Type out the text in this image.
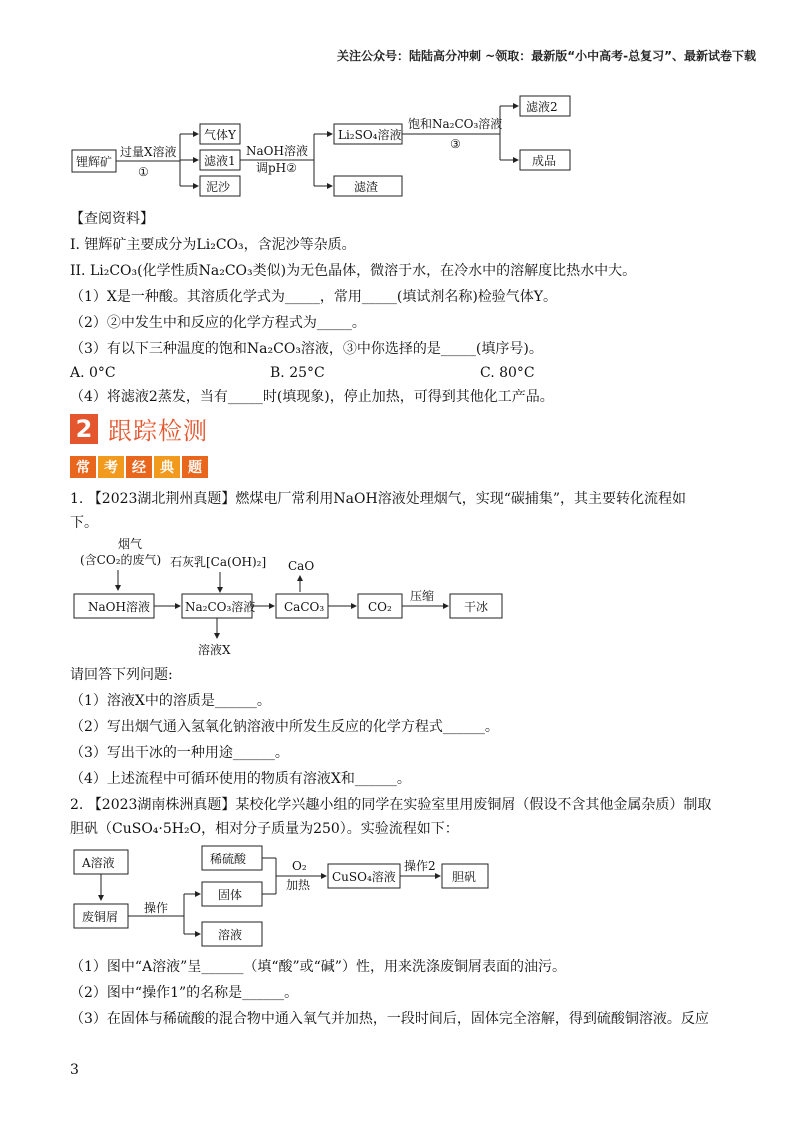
关注公众号：陆陆高分冲刺 ~领取：最新版“小中高考-总复习”、最新试卷下载
锂辉矿
过量X溶液
①
气体Y
滤液1
泥沙
NaOH溶液
调pH②
Li₂SO₄溶液
滤渣
饱和Na₂CO₃溶液
③
滤液2
成品
【查阅资料】
I. 锂辉矿主要成分为Li₂CO₃，含泥沙等杂质。
II. Li₂CO₃(化学性质Na₂CO₃类似)为无色晶体，微溶于水，在冷水中的溶解度比热水中大。
（1）X是一种酸。其溶质化学式为_____，常用_____(填试剂名称)检验气体Y。
（2）②中发生中和反应的化学方程式为_____。
（3）有以下三种温度的饱和Na₂CO₃溶液，③中你选择的是_____(填序号)。
A. 0°C	B. 25°C	C. 80°C
（4）将滤液2蒸发，当有_____时(填现象)，停止加热，可得到其他化工产品。
2 跟踪检测
常	考	经	典	题
1. 【2023湖北荆州真题】燃煤电厂常利用NaOH溶液处理烟气，实现“碳捕集”，其主要转化流程如
下。
烟气
(含CO₂的废气) 石灰乳[Ca(OH)₂] CaO
NaOH溶液	Na₂CO₃溶液 CaCO₃	CO₂
压缩
干冰
溶液X
请回答下列问题:
（1）溶液X中的溶质是______。
（2）写出烟气通入氢氧化钠溶液中所发生反应的化学方程式______。
（3）写出干冰的一种用途______。
（4）上述流程中可循环使用的物质有溶液X和______。
2. 【2023湖南株洲真题】某校化学兴趣小组的同学在实验室里用废铜屑（假设不含其他金属杂质）制取
胆矾（CuSO₄·5H₂O，相对分子质量为250）。实验流程如下：
A溶液
废铜屑
操作
稀硫酸
固体
溶液
O₂
加热
CuSO₄溶液
操作2
胆矾
（1）图中“A溶液”呈______（填“酸”或“碱”）性，用来洗涤废铜屑表面的油污。
（2）图中“操作1”的名称是______。
（3）在固体与稀硫酸的混合物中通入氧气并加热，一段时间后，固体完全溶解，得到硫酸铜溶液。反应
3
